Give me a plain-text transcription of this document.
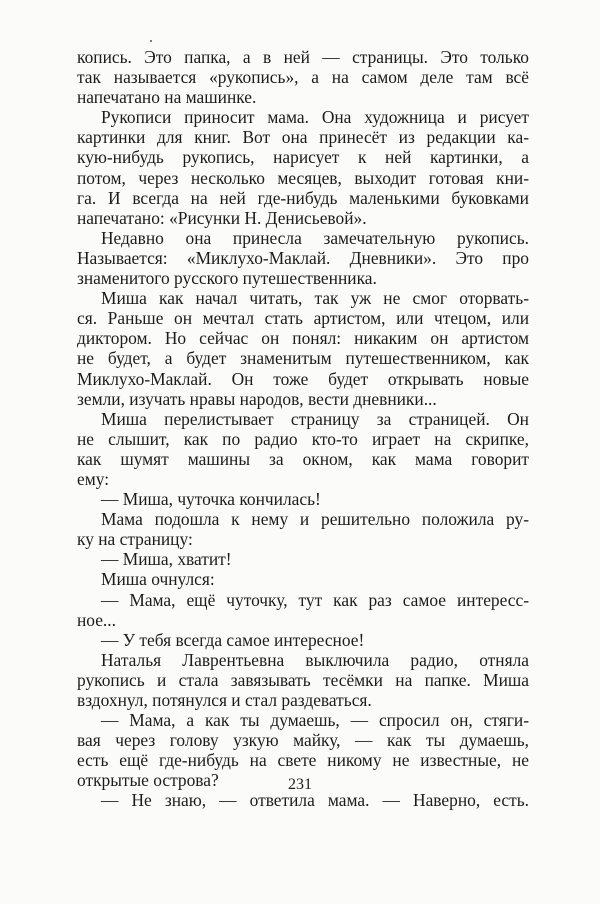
копись. Это папка, а в ней — страницы. Это только
так называется «рукопись», а на самом деле там всё
напечатано на машинке.
Рукописи приносит мама. Она художница и рисует
картинки для книг. Вот она принесёт из редакции ка-
кую-нибудь рукопись, нарисует к ней картинки, а
потом, через несколько месяцев, выходит готовая кни-
га. И всегда на ней где-нибудь маленькими буковками
напечатано: «Рисунки Н. Денисьевой».
Недавно она принесла замечательную рукопись.
Называется: «Миклухо-Маклай. Дневники». Это про
знаменитого русского путешественника.
Миша как начал читать, так уж не смог оторвать-
ся. Раньше он мечтал стать артистом, или чтецом, или
диктором. Но сейчас он понял: никаким он артистом
не будет, а будет знаменитым путешественником, как
Миклухо-Маклай. Он тоже будет открывать новые
земли, изучать нравы народов, вести дневники...
Миша перелистывает страницу за страницей. Он
не слышит, как по радио кто-то играет на скрипке,
как шумят машины за окном, как мама говорит
ему:
— Миша, чуточка кончилась!
Мама подошла к нему и решительно положила ру-
ку на страницу:
— Миша, хватит!
Миша очнулся:
— Мама, ещё чуточку, тут как раз самое интересс-
ное...
— У тебя всегда самое интересное!
Наталья Лаврентьевна выключила радио, отняла
рукопись и стала завязывать тесёмки на папке. Миша
вздохнул, потянулся и стал раздеваться.
— Мама, а как ты думаешь, — спросил он, стяги-
вая через голову узкую майку, — как ты думаешь,
есть ещё где-нибудь на свете никому не известные, не
открытые острова?
— Не знаю, — ответила мама. — Наверно, есть.
231
